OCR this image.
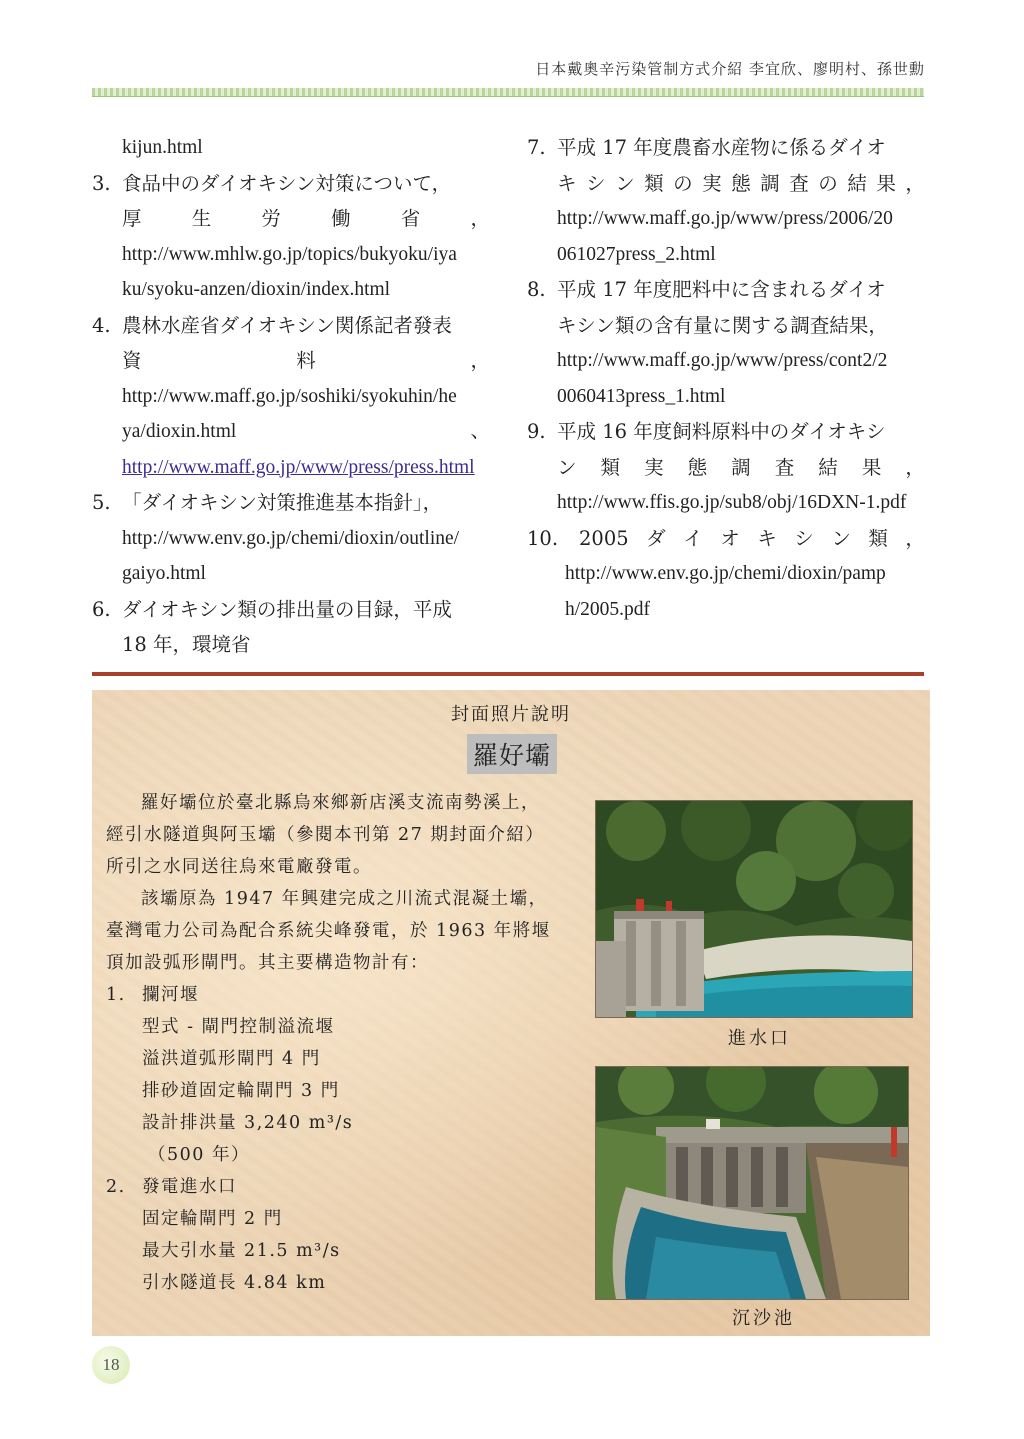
日本戴奧辛污染管制方式介紹 李宜欣、廖明村、孫世勳
kijun.html
3. 食品中のダイオキシン対策について，
厚	生	労	働	省	，
http://www.mhlw.go.jp/topics/bukyoku/iya
ku/syoku-anzen/dioxin/index.html
4. 農林水産省ダイオキシン関係記者發表
資	料	，
http://www.maff.go.jp/soshiki/syokuhin/he
ya/dioxin.html	、
http://www.maff.go.jp/www/press/press.html
5. 「ダイオキシン対策推進基本指針」，
http://www.env.go.jp/chemi/dioxin/outline/
gaiyo.html
6. ダイオキシン類の排出量の目録，平成
18 年，環境省
7. 平成 17 年度農畜水産物に係るダイオ
キ シ ン 類 の 実 態 調 査 の 結 果 ，
http://www.maff.go.jp/www/press/2006/20
061027press_2.html
8. 平成 17 年度肥料中に含まれるダイオ
キシン類の含有量に関する調査結果，
http://www.maff.go.jp/www/press/cont2/2
0060413press_1.html
9. 平成 16 年度飼料原料中のダイオキシ
ン 類 実 態 調 査 結 果 ，
http://www.ffis.go.jp/sub8/obj/16DXN-1.pdf
10.	2005 ダ イ オ キ シ ン 類 ，
http://www.env.go.jp/chemi/dioxin/pamp
h/2005.pdf
封面照片說明
羅好壩
羅好壩位於臺北縣烏來鄉新店溪支流南勢溪上，
經引水隧道與阿玉壩（參閱本刊第 27 期封面介紹）
所引之水同送往烏來電廠發電。
該壩原為 1947 年興建完成之川流式混凝土壩，
臺灣電力公司為配合系統尖峰發電，於 1963 年將堰
頂加設弧形閘門。其主要構造物計有：
1. 攔河堰
型式 - 閘門控制溢流堰
溢洪道弧形閘門 4 門
排砂道固定輪閘門 3 門
設計排洪量 3,240 m³/s
（500 年）
2. 發電進水口
固定輪閘門 2 門
最大引水量 21.5 m³/s
引水隧道長 4.84 km
進水口
沉沙池
18
